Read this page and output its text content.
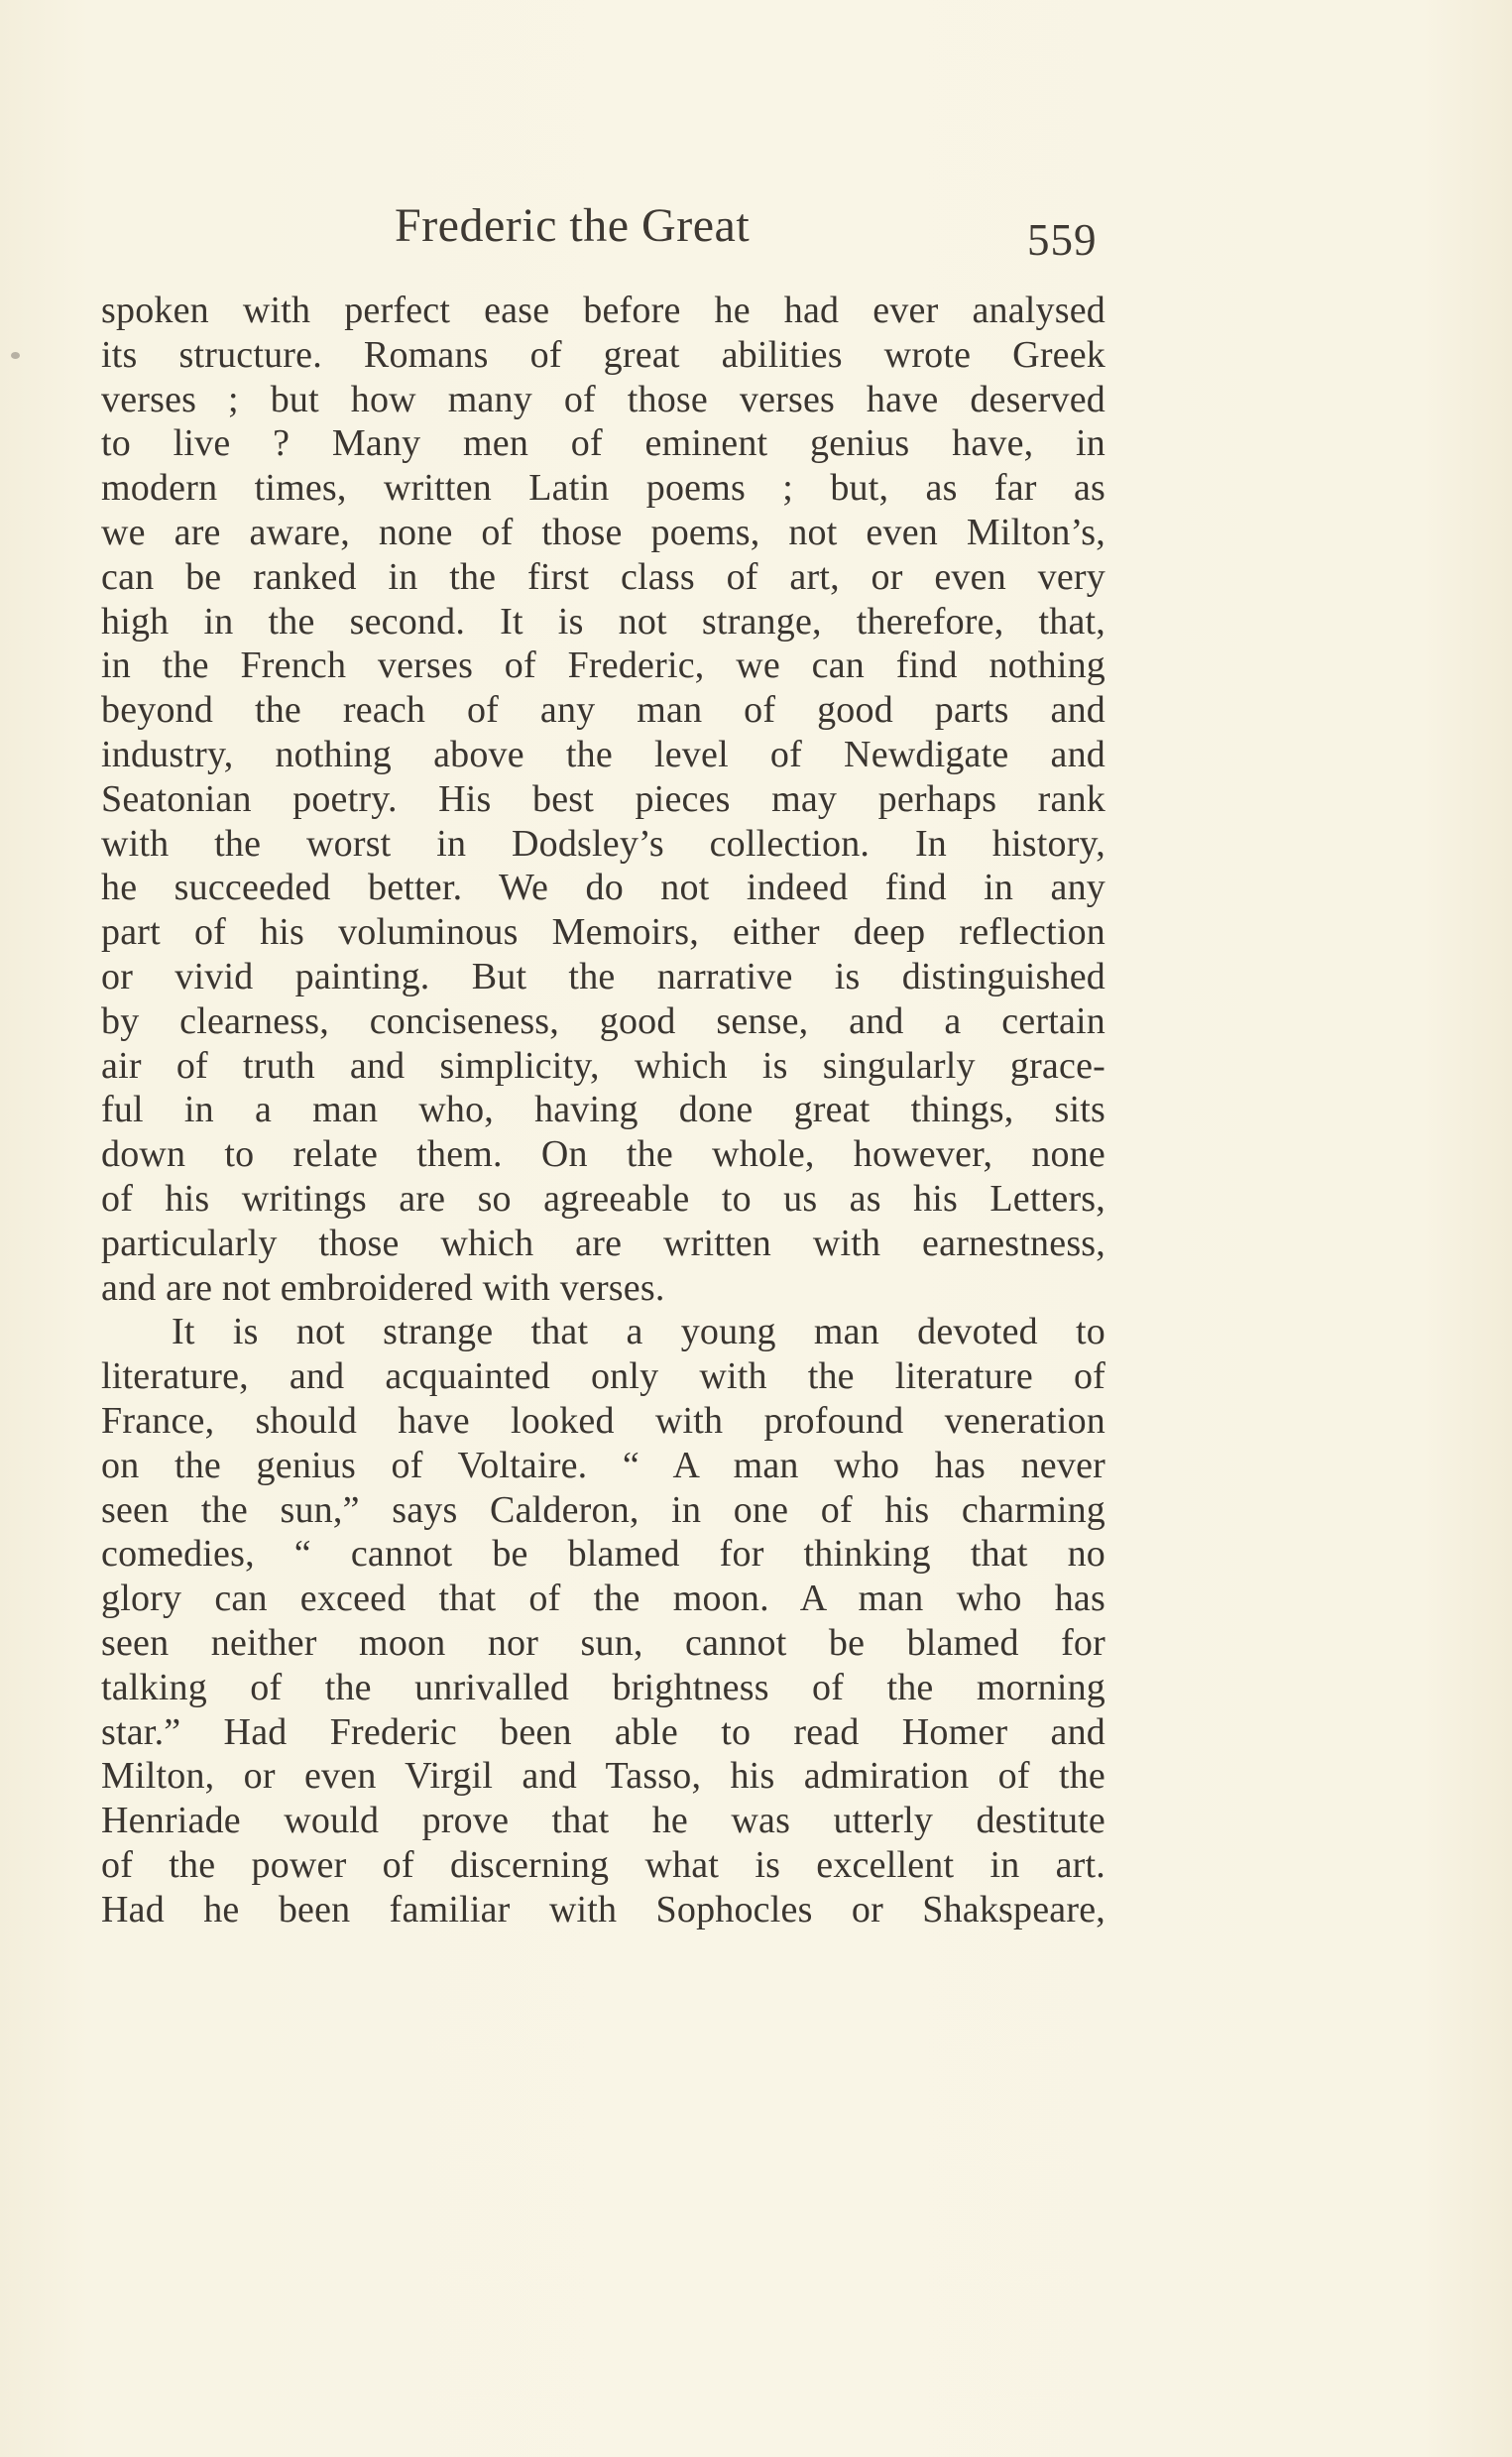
Frederic the Great	559
spoken with perfect ease before he had ever analysed
its structure. Romans of great abilities wrote Greek
verses ; but how many of those verses have deserved
to live ? Many men of eminent genius have, in
modern times, written Latin poems ; but, as far as
we are aware, none of those poems, not even Milton’s,
can be ranked in the first class of art, or even very
high in the second. It is not strange, therefore, that,
in the French verses of Frederic, we can find nothing
beyond the reach of any man of good parts and
industry, nothing above the level of Newdigate and
Seatonian poetry. His best pieces may perhaps rank
with the worst in Dodsley’s collection. In history,
he succeeded better. We do not indeed find in any
part of his voluminous Memoirs, either deep reflection
or vivid painting. But the narrative is distinguished
by clearness, conciseness, good sense, and a certain
air of truth and simplicity, which is singularly grace-
ful in a man who, having done great things, sits
down to relate them. On the whole, however, none
of his writings are so agreeable to us as his Letters,
particularly those which are written with earnestness,
and are not embroidered with verses.
It is not strange that a young man devoted to
literature, and acquainted only with the literature of
France, should have looked with profound veneration
on the genius of Voltaire. “ A man who has never
seen the sun,” says Calderon, in one of his charming
comedies, “ cannot be blamed for thinking that no
glory can exceed that of the moon. A man who has
seen neither moon nor sun, cannot be blamed for
talking of the unrivalled brightness of the morning
star.” Had Frederic been able to read Homer and
Milton, or even Virgil and Tasso, his admiration of the
Henriade would prove that he was utterly destitute
of the power of discerning what is excellent in art.
Had he been familiar with Sophocles or Shakspeare,
